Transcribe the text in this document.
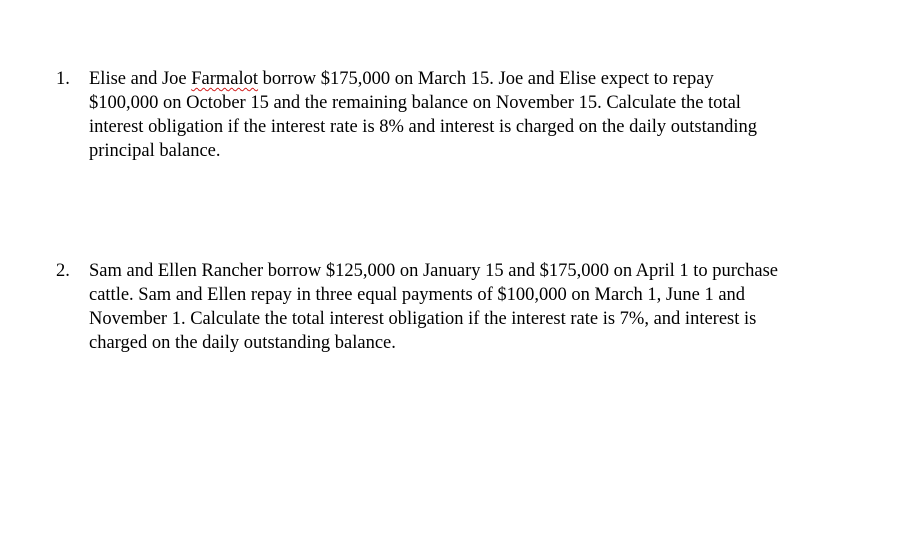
1.	Elise and Joe Farmalot borrow $175,000 on March 15. Joe and Elise expect to repay
$100,000 on October 15 and the remaining balance on November 15. Calculate the total
interest obligation if the interest rate is 8% and interest is charged on the daily outstanding
principal balance.
2.	Sam and Ellen Rancher borrow $125,000 on January 15 and $175,000 on April 1 to purchase
cattle. Sam and Ellen repay in three equal payments of $100,000 on March 1, June 1 and
November 1. Calculate the total interest obligation if the interest rate is 7%, and interest is
charged on the daily outstanding balance.
